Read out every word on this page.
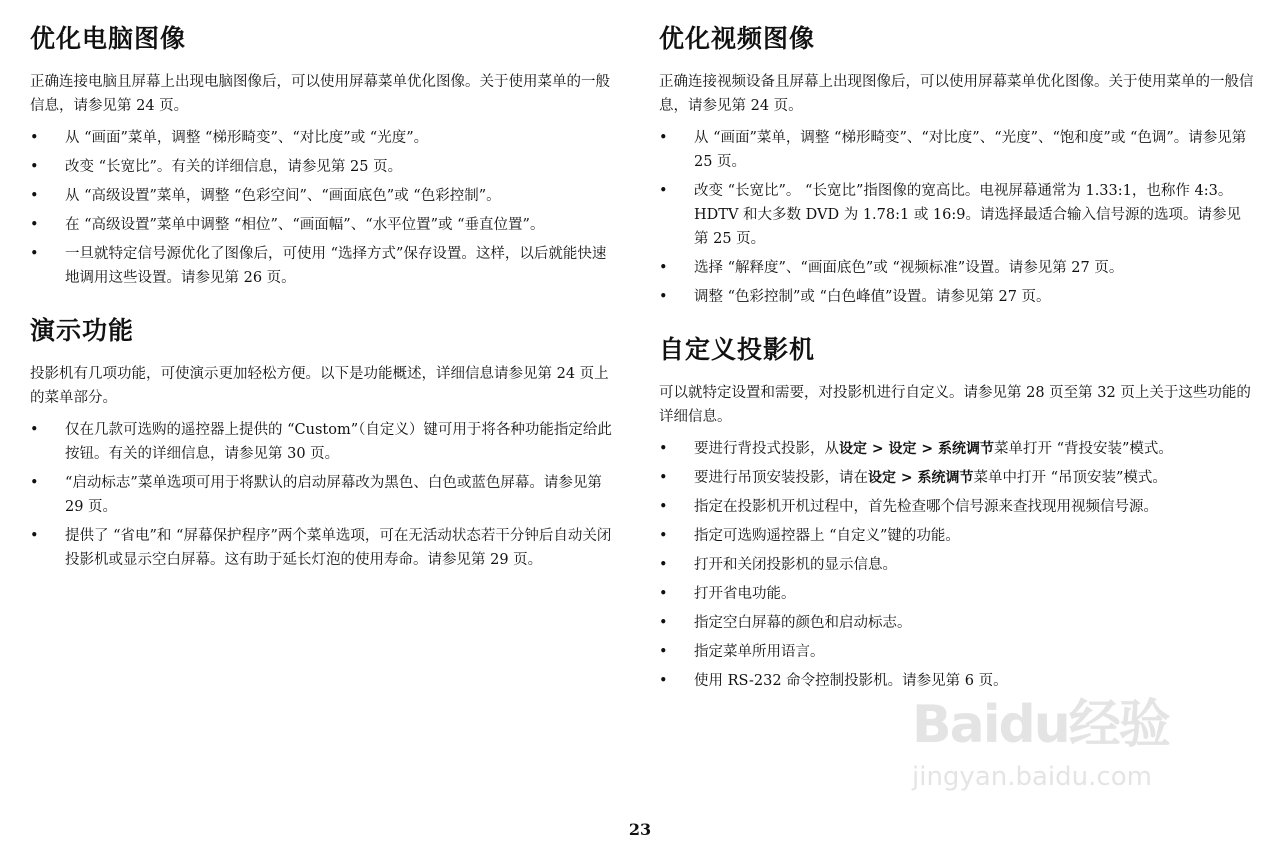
优化电脑图像

正确连接电脑且屏幕上出现电脑图像后，可以使用屏幕菜单优化图像。关于使用菜单的一般信息，请参见第 24 页。

• 从 “画面”菜单，调整 “梯形畸变”、“对比度”或 “光度”。
• 改变 “长宽比”。有关的详细信息，请参见第 25 页。
• 从 “高级设置”菜单，调整 “色彩空间”、“画面底色”或 “色彩控制”。
• 在 “高级设置”菜单中调整 “相位”、“画面幅”、“水平位置”或 “垂直位置”。
• 一旦就特定信号源优化了图像后，可使用 “选择方式”保存设置。这样，以后就能快速地调用这些设置。请参见第 26 页。
演示功能

投影机有几项功能，可使演示更加轻松方便。以下是功能概述，详细信息请参见第 24 页上的菜单部分。

• 仅在几款可选购的遥控器上提供的 “Custom”（自定义）键可用于将各种功能指定给此按钮。有关的详细信息，请参见第 30 页。
• “启动标志”菜单选项可用于将默认的启动屏幕改为黑色、白色或蓝色屏幕。请参见第 29 页。
• 提供了 “省电”和 “屏幕保护程序”两个菜单选项，可在无活动状态若干分钟后自动关闭投影机或显示空白屏幕。这有助于延长灯泡的使用寿命。请参见第 29 页。
优化视频图像

正确连接视频设备且屏幕上出现图像后，可以使用屏幕菜单优化图像。关于使用菜单的一般信息，请参见第 24 页。

• 从 “画面”菜单，调整 “梯形畸变”、“对比度”、“光度”、“饱和度”或 “色调”。请参见第 25 页。
• 改变 “长宽比”。 “长宽比”指图像的宽高比。电视屏幕通常为 1.33:1，也称作 4:3。 HDTV 和大多数 DVD 为 1.78:1 或 16:9。请选择最适合输入信号源的选项。请参见第 25 页。
• 选择 “解释度”、“画面底色”或 “视频标准”设置。请参见第 27 页。
• 调整 “色彩控制”或 “白色峰值”设置。请参见第 27 页。
自定义投影机

可以就特定设置和需要，对投影机进行自定义。请参见第 28 页至第 32 页上关于这些功能的详细信息。

• 要进行背投式投影，从设定 > 设定 > 系统调节菜单打开 “背投安装”模式。
• 要进行吊顶安装投影，请在设定 > 系统调节菜单中打开 “吊顶安装”模式。
• 指定在投影机开机过程中，首先检查哪个信号源来查找现用视频信号源。
• 指定可选购遥控器上 “自定义”键的功能。
• 打开和关闭投影机的显示信息。
• 打开省电功能。
• 指定空白屏幕的颜色和启动标志。
• 指定菜单所用语言。
• 使用 RS-232 命令控制投影机。请参见第 6 页。
Baidu经验
jingyan.baidu.com
23
